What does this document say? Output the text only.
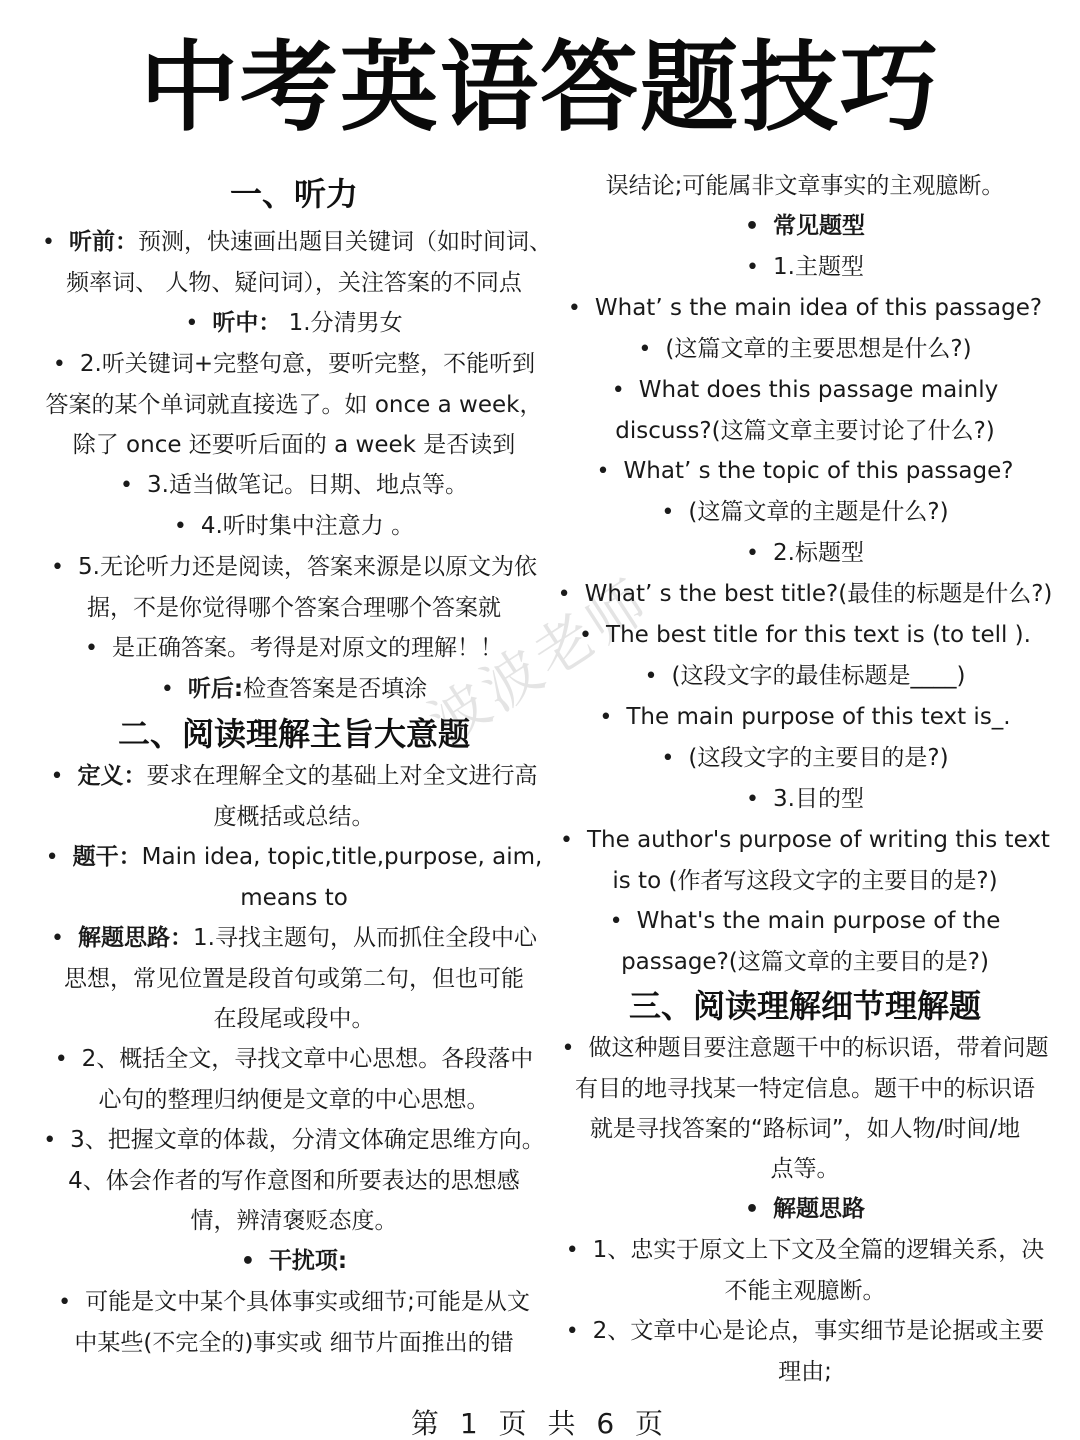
中考英语答题技巧
波波老师
一、听力
• 听前：预测，快速画出题目关键词（如时间词、
频率词、 人物、疑问词），关注答案的不同点
• 听中： 1.分清男女
• 2.听关键词+完整句意，要听完整，不能听到
答案的某个单词就直接选了。如 once a week，
除了 once 还要听后面的 a week 是否读到
• 3.适当做笔记。日期、地点等。
• 4.听时集中注意力 。
• 5.无论听力还是阅读，答案来源是以原文为依
据，不是你觉得哪个答案合理哪个答案就
• 是正确答案。考得是对原文的理解！！
• 听后:检查答案是否填涂
二、阅读理解主旨大意题
• 定义：要求在理解全文的基础上对全文进行高
度概括或总结。
• 题干：Main idea, topic,title,purpose, aim,
means to
• 解题思路：1.寻找主题句，从而抓住全段中心
思想，常见位置是段首句或第二句，但也可能
在段尾或段中。
• 2、概括全文，寻找文章中心思想。各段落中
心句的整理归纳便是文章的中心思想。
• 3、把握文章的体裁，分清文体确定思维方向。
4、体会作者的写作意图和所要表达的思想感
情，辨清褒贬态度。
• 干扰项:
• 可能是文中某个具体事实或细节;可能是从文
中某些(不完全的)事实或 细节片面推出的错
误结论;可能属非文章事实的主观臆断。
• 常见题型
• 1.主题型
• What’ s the main idea of this passage?
• (这篇文章的主要思想是什么?)
• What does this passage mainly
discuss?(这篇文章主要讨论了什么?)
• What’ s the topic of this passage?
• (这篇文章的主题是什么?)
• 2.标题型
• What’ s the best title?(最佳的标题是什么?)
• The best title for this text is (to tell ).
• (这段文字的最佳标题是____)
• The main purpose of this text is_.
• (这段文字的主要目的是?)
• 3.目的型
• The author's purpose of writing this text
is to (作者写这段文字的主要目的是?)
• What's the main purpose of the
passage?(这篇文章的主要目的是?)
三、阅读理解细节理解题
• 做这种题目要注意题干中的标识语，带着问题
有目的地寻找某一特定信息。题干中的标识语
就是寻找答案的“路标词”，如人物/时间/地
点等。
• 解题思路
• 1、忠实于原文上下文及全篇的逻辑关系，决
不能主观臆断。
• 2、文章中心是论点，事实细节是论据或主要
理由;
第 1 页 共 6 页
